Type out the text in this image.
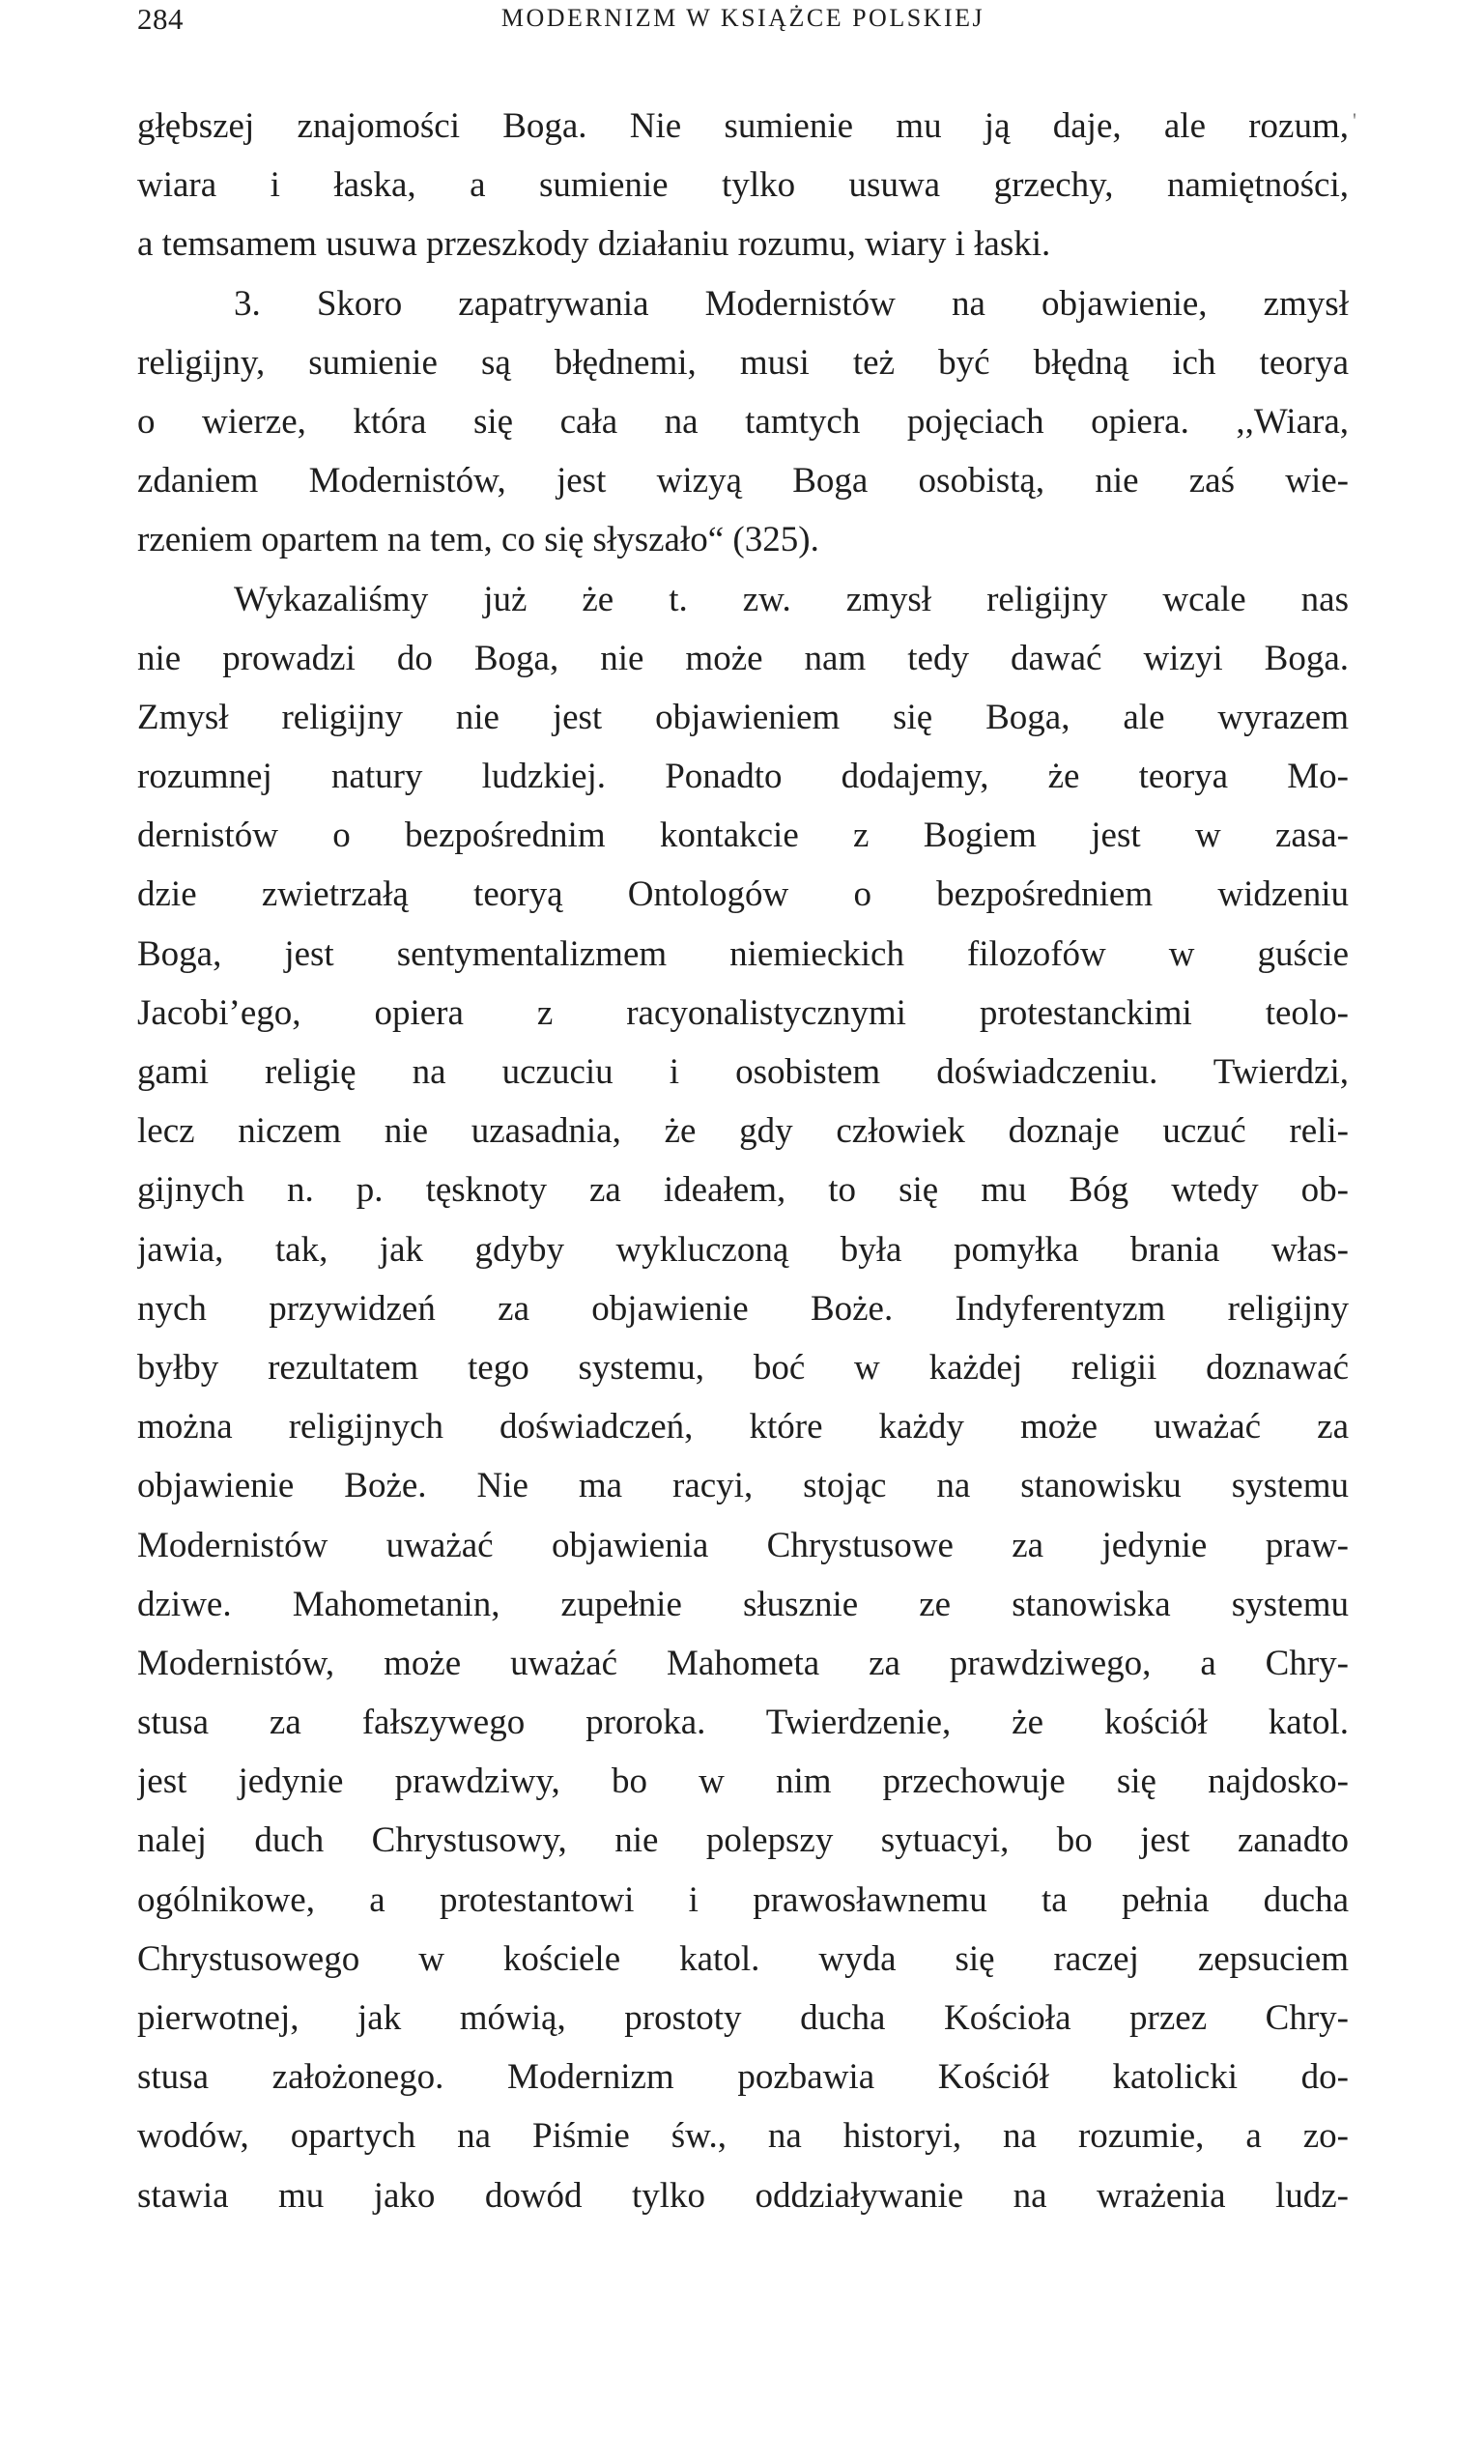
284	MODERNIZM W KSIĄŻCE POLSKIEJ
'
głębszej znajomości Boga. Nie sumienie mu ją daje, ale rozum,
wiara i łaska, a sumienie tylko usuwa grzechy, namiętności,
a temsamem usuwa przeszkody działaniu rozumu, wiary i łaski.
3. Skoro zapatrywania Modernistów na objawienie, zmysł
religijny, sumienie są błędnemi, musi też być błędną ich teorya
o wierze, która się cała na tamtych pojęciach opiera. ,,Wiara,
zdaniem Modernistów, jest wizyą Boga osobistą, nie zaś wie-
rzeniem opartem na tem, co się słyszało“ (325).
Wykazaliśmy już że t. zw. zmysł religijny wcale nas
nie prowadzi do Boga, nie może nam tedy dawać wizyi Boga.
Zmysł religijny nie jest objawieniem się Boga, ale wyrazem
rozumnej natury ludzkiej. Ponadto dodajemy, że teorya Mo-
dernistów o bezpośrednim kontakcie z Bogiem jest w zasa-
dzie zwietrzałą teoryą Ontologów o bezpośredniem widzeniu
Boga, jest sentymentalizmem niemieckich filozofów w guście
Jacobi’ego, opiera z racyonalistycznymi protestanckimi teolo-
gami religię na uczuciu i osobistem doświadczeniu. Twierdzi,
lecz niczem nie uzasadnia, że gdy człowiek doznaje uczuć reli-
gijnych n. p. tęsknoty za ideałem, to się mu Bóg wtedy ob-
jawia, tak, jak gdyby wykluczoną była pomyłka brania włas-
nych przywidzeń za objawienie Boże. Indyferentyzm religijny
byłby rezultatem tego systemu, boć w każdej religii doznawać
można religijnych doświadczeń, które każdy może uważać za
objawienie Boże. Nie ma racyi, stojąc na stanowisku systemu
Modernistów uważać objawienia Chrystusowe za jedynie praw-
dziwe. Mahometanin, zupełnie słusznie ze stanowiska systemu
Modernistów, może uważać Mahometa za prawdziwego, a Chry-
stusa za fałszywego proroka. Twierdzenie, że kościół katol.
jest jedynie prawdziwy, bo w nim przechowuje się najdosko-
nalej duch Chrystusowy, nie polepszy sytuacyi, bo jest zanadto
ogólnikowe, a protestantowi i prawosławnemu ta pełnia ducha
Chrystusowego w kościele katol. wyda się raczej zepsuciem
pierwotnej, jak mówią, prostoty ducha Kościoła przez Chry-
stusa założonego. Modernizm pozbawia Kościół katolicki do-
wodów, opartych na Piśmie św., na historyi, na rozumie, a zo-
stawia mu jako dowód tylko oddziaływanie na wrażenia ludz-
